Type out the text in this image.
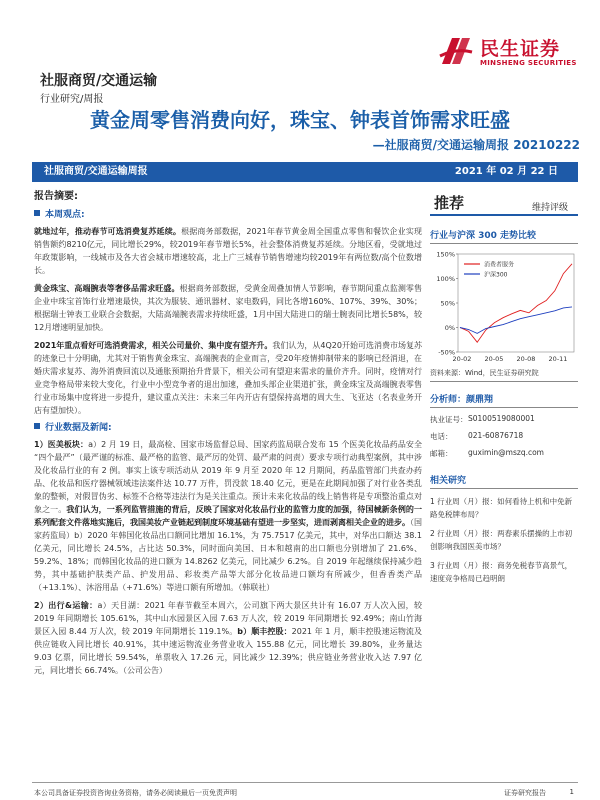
民生证券
MINSHENG SECURITIES
社服商贸/交通运输
行业研究/周报
黄金周零售消费向好，珠宝、钟表首饰需求旺盛
—社服商贸/交通运输周报 20210222
社服商贸/交通运输周报	2021 年 02 月 22 日
报告摘要:
本周观点:
就地过年，推动春节可选消费复苏延续。根据商务部数据，2021年春节黄金周全国重点零售和餐饮企业实现销售额约8210亿元，同比增长29%，较2019年春节增长5%，社会整体消费复苏延续。分地区看，受就地过年政策影响，一线城市及各大省会城市增速较高，北上广三城春节销售增速均较2019年有两位数/高个位数增长。
黄金珠宝、高端腕表等奢侈品需求旺盛。根据商务部数据，受黄金周叠加情人节影响，春节期间重点监测零售企业中珠宝首饰行业增速最快，其次为服装、通讯器材、家电数码，同比各增160%、107%、39%、30%；根据瑞士钟表工业联合会数据，大陆高端腕表需求持续旺盛，1月中国大陆进口的瑞士腕表同比增长58%，较12月增速明显加快。
2021年重点看好可选消费需求，相关公司量价、集中度有望齐升。我们认为，从4Q20开始可选消费市场复苏的迹象已十分明确，尤其对于销售黄金珠宝、高端腕表的企业而言，受20年疫情抑制带来的影响已经消退，在婚庆需求复苏、海外消费回流以及通胀预期抬升背景下，相关公司有望迎来需求的量价齐升。同时，疫情对行业竞争格局带来较大变化，行业中小型竞争者的退出加速，叠加头部企业渠道扩张，黄金珠宝及高端腕表零售行业市场集中度将进一步提升，建议重点关注：未来三年内开店有望保持高增的周大生、飞亚达（名表业务开店有望加快）。
行业数据及新闻:
1）医美板块：a）2 月 19 日，最高检、国家市场监督总局、国家药监局联合发布 15 个医美化妆品药品安全 “四个最严”（最严谨的标准、最严格的监管、最严厉的处罚、最严肃的问责）要求专项行动典型案例，其中涉及化妆品行业的有 2 例。事实上该专项活动从 2019 年 9 月至 2020 年 12 月期间，药品监管部门共查办药品、化妆品和医疗器械领域违法案件达 10.77 万件，罚没款 18.40 亿元，更是在此期间加强了对行业各类乱象的整顿，对假冒伪劣、标签不合格等违法行为是关注重点。预计未来化妆品的线上销售将是专项整治重点对象之一。我们认为，一系列监管措施的背后，反映了国家对化妆品行业的监管力度的加强，待国械新条例的一系列配套文件落地实施后，我国美妆产业链起到制度环境基础有望进一步坚实，进而剥离相关企业的进步。（国家药监局）b）2020 年韩国化妆品出口额同比增加 16.1%，为 75.7517 亿美元，其中，对华出口额达 38.1 亿美元，同比增长 24.5%，占比达 50.3%，同时面向美国、日本和越南的出口额也分别增加了 21.6%、59.2%、18%；而韩国化妆品的进口额为 14.8262 亿美元，同比减少 6.2%。自 2019 年起继续保持减少趋势，其中基础护肤类产品、护发用品、彩妆类产品等大部分化妆品进口额均有所减少，但香香类产品（+13.1%）、沐浴用品（+71.6%）等进口额有所增加。（韩联社）
2）出行&运输：a）天目湖：2021 年春节截至本周六，公司旗下两大景区共计有 16.07 万人次入园，较 2019 年同期增长 105.61%，其中山水园景区入园 7.63 万人次，较 2019 年同期增长 92.49%；南山竹海景区入园 8.44 万人次，较 2019 年同期增长 119.1%。b）顺丰控股：2021 年 1 月，顺丰控股速运物流及供应链收入同比增长 40.91%，其中速运物流业务营业收入 155.88 亿元，同比增长 39.80%，业务量达 9.03 亿票，同比增长 59.54%，单票收入 17.26 元，同比减少 12.39%；供应链业务营业收入达 7.97 亿元，同比增长 66.74%。（公司公告）
推荐	维持评级
行业与沪深 300 走势比较
150%
100%
50%
0%
-50%
20-02 20-05 20-08 20-11
消费者服务
沪深300
资料来源：Wind，民生证券研究院
分析师：颜鼎翔
执业证号： S0100519080001
电话：	021-60876718
邮箱：	guximin@mszq.com
相关研究
1 行业周（月）报：如何看待上机和中免新路免税牌布局？
2 行业周（月）报：两春素乐摆操的上市初创影响我国医美市场？
3 行业周（月）报：商务免税春节高景气，速度竞争格局已趋明朗
本公司具备证券投资咨询业务资格，请务必阅读最后一页免责声明	证券研究报告	1
